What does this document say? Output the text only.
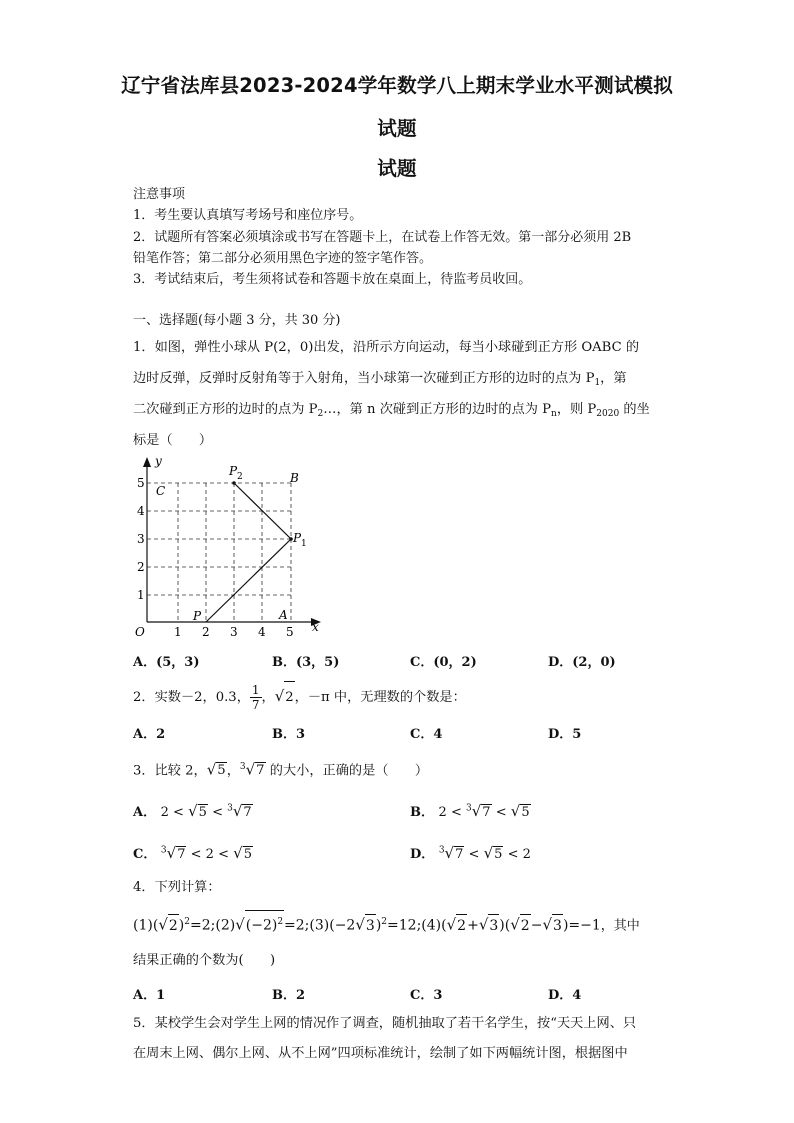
辽宁省法库县2023-2024学年数学八上期末学业水平测试模拟
试题
试题
注意事项
1．考生要认真填写考场号和座位序号。
2．试题所有答案必须填涂或书写在答题卡上，在试卷上作答无效。第一部分必须用 2B
铅笔作答；第二部分必须用黑色字迹的签字笔作答。
3．考试结束后，考生须将试卷和答题卡放在桌面上，待监考员收回。
一、选择题(每小题 3 分，共 30 分)
1．如图，弹性小球从 P(2，0)出发，沿所示方向运动，每当小球碰到正方形 OABC 的
边时反弹，反弹时反射角等于入射角，当小球第一次碰到正方形的边时的点为 $P_1$，第
二次碰到正方形的边时的点为 $P_2\dots$，第 n 次碰到正方形的边时的点为 $P_n$，则 $P_{2020}$ 的坐
标是（　　）
y
x
O 1 2 3 4 5
1
2
3
4
5
P
P 1
P 2
A
B
C
A．(5，3)	B．(3，5)	C．(0，2)	D．(2，0)
2．实数－2，0.3， $\frac{1}{7}$ ，√2，－π 中，无理数的个数是：
A．2	B．3	C．4	D．5
3．比较 2，√5，$^3$√7 的大小，正确的是（　　）
A． 2 < √5 < $^3$√7	B． 2 < $^3$√7 < √5
C． $^3$√7 < 2 < √5	D． $^3$√7 < √5 < 2
4．下列计算：
$(1)(√2)^2=2;(2)√(-2)^2=2;(3)(-2√3)^2=12;(4)(√2+√3)(√2-√3)=-1$，其中
结果正确的个数为(　　)
A．1	B．2	C．3	D．4
5．某校学生会对学生上网的情况作了调查，随机抽取了若干名学生，按“天天上网、只
在周末上网、偶尔上网、从不上网”四项标准统计，绘制了如下两幅统计图，根据图中
